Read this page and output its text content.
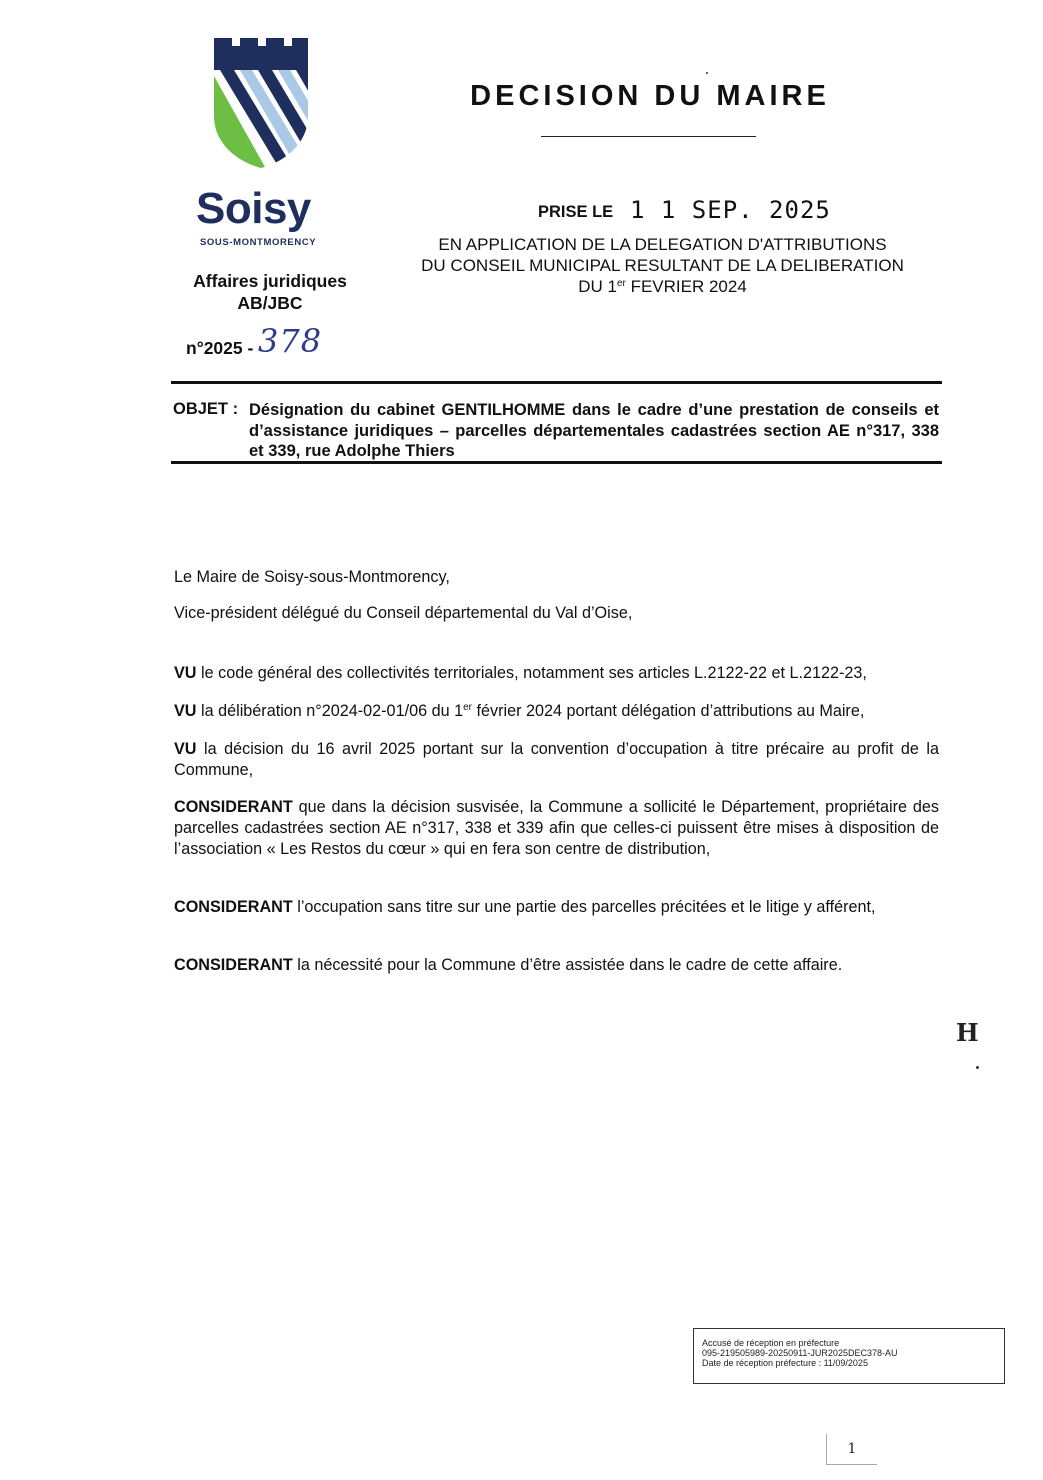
Soisy
SOUS-MONTMORENCY
Affaires juridiques
AB/JBC
n°2025 - 378
DECISION DU MAIRE
PRISE LE 1 1 SEP. 2025
EN APPLICATION DE LA DELEGATION D'ATTRIBUTIONS
DU CONSEIL MUNICIPAL RESULTANT DE LA DELIBERATION
DU 1er FEVRIER 2024
OBJET : Désignation du cabinet GENTILHOMME dans le cadre d’une prestation de conseils et d’assistance juridiques – parcelles départementales cadastrées section AE n°317, 338 et 339, rue Adolphe Thiers
Le Maire de Soisy-sous-Montmorency,
Vice-président délégué du Conseil départemental du Val d’Oise,
VU le code général des collectivités territoriales, notamment ses articles L.2122-22 et L.2122-23,
VU la délibération n°2024-02-01/06 du 1er février 2024 portant délégation d’attributions au Maire,
VU la décision du 16 avril 2025 portant sur la convention d’occupation à titre précaire au profit de la Commune,
CONSIDERANT que dans la décision susvisée, la Commune a sollicité le Département, propriétaire des parcelles cadastrées section AE n°317, 338 et 339 afin que celles-ci puissent être mises à disposition de l’association « Les Restos du cœur » qui en fera son centre de distribution,
CONSIDERANT l’occupation sans titre sur une partie des parcelles précitées et le litige y afférent,
CONSIDERANT la nécessité pour la Commune d’être assistée dans le cadre de cette affaire.
H
Accusé de réception en préfecture
095-219505989-20250911-JUR2025DEC378-AU
Date de réception préfecture : 11/09/2025
1
